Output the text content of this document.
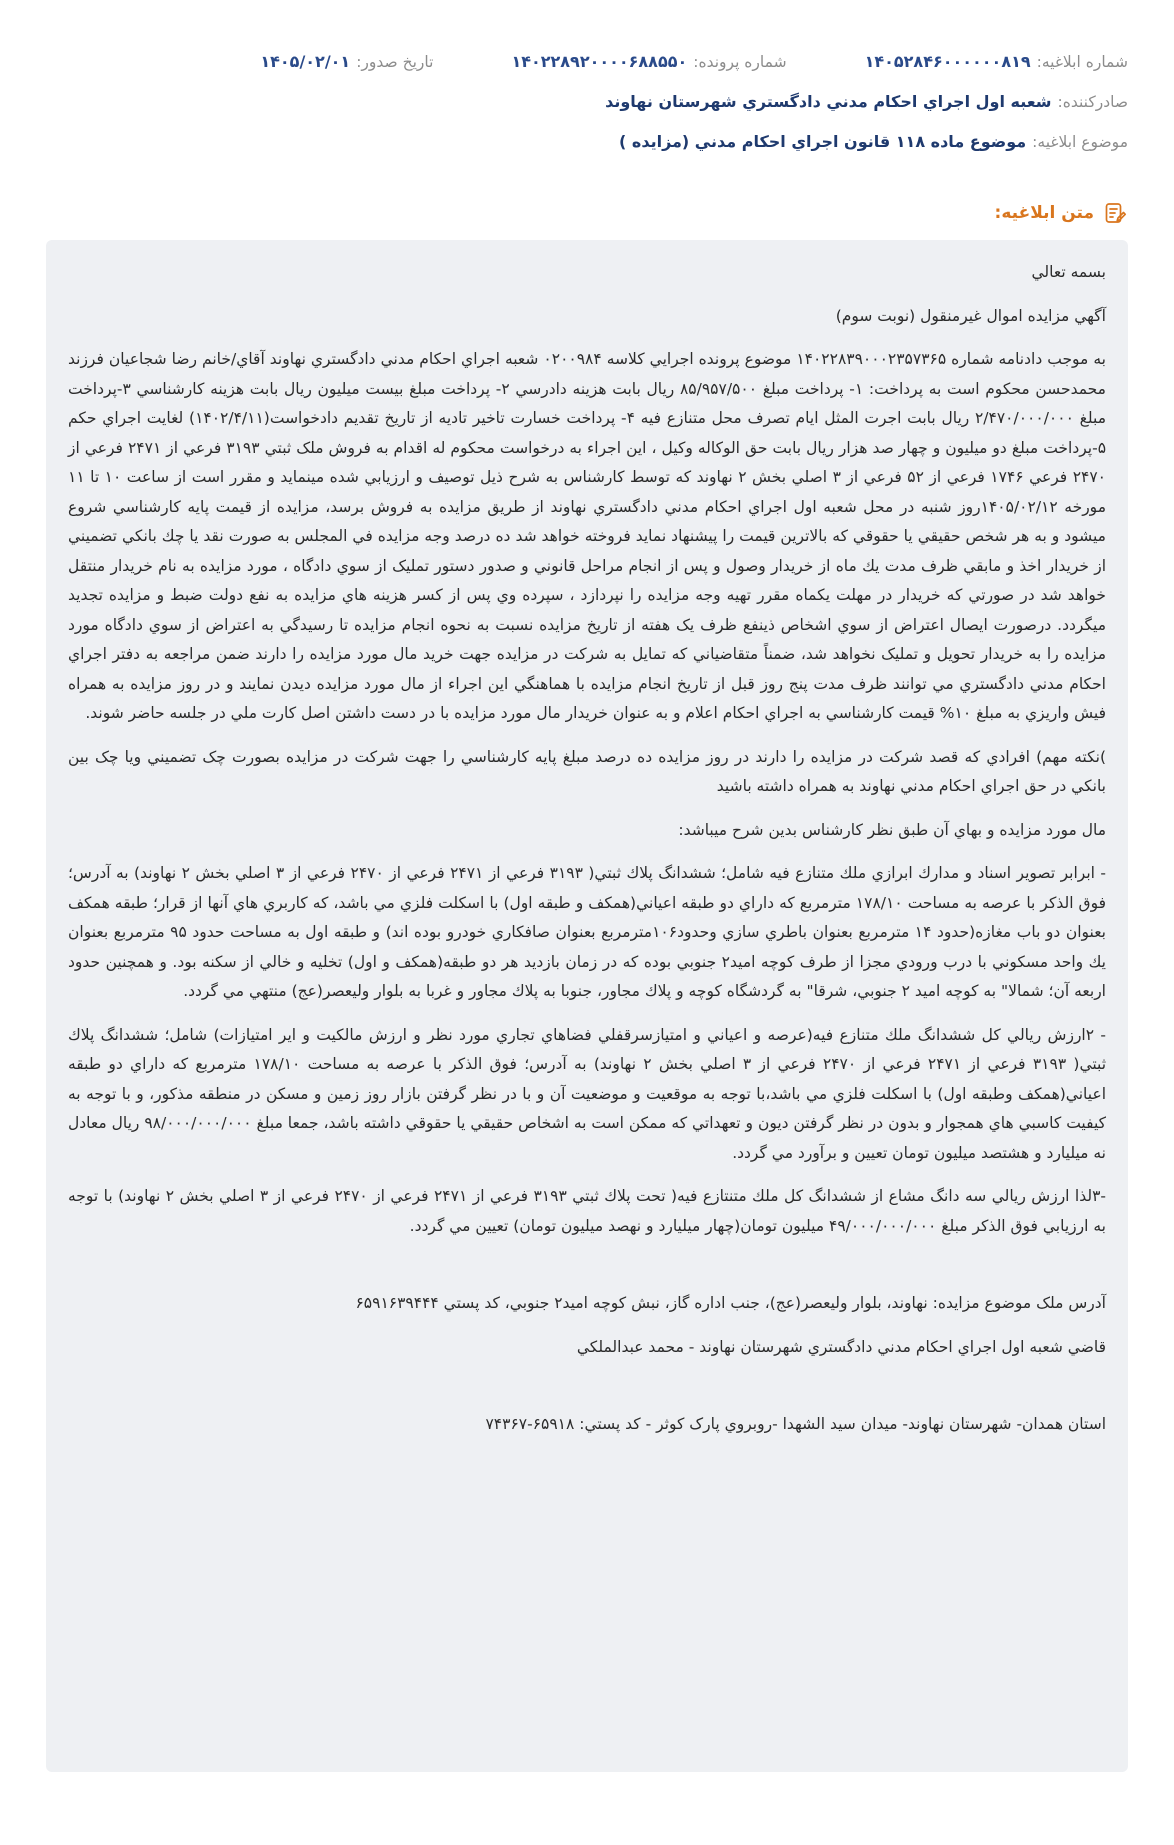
شماره ابلاغيه:
۱۴۰۵۲۸۴۶۰۰۰۰۰۰۸۱۹
شماره پرونده:
۱۴۰۲۲۸۹۲۰۰۰۰۶۸۸۵۵۰
تاريخ صدور:
۱۴۰۵/۰۲/۰۱
صادرکننده:
شعبه اول اجراي احکام مدني دادگستري شهرستان نهاوند
موضوع ابلاغيه:
موضوع ماده ۱۱۸ قانون اجراي احکام مدني (مزايده )
متن ابلاغيه:

بسمه تعالي

آگهي مزايده اموال غيرمنقول (نوبت سوم)

به موجب دادنامه شماره ۱۴۰۲۲۸۳۹۰۰۰۲۳۵۷۳۶۵ موضوع پرونده اجرايي کلاسه ۰۲۰۰۹۸۴ شعبه اجراي احکام مدني دادگستري نهاوند آقاي/خانم رضا شجاعيان فرزند محمدحسن محکوم است به پرداخت: ۱- پرداخت مبلغ ۸۵/۹۵۷/۵۰۰ ريال بابت هزينه دادرسي ۲- پرداخت مبلغ بيست ميليون ريال بابت هزينه کارشناسي ۳-پرداخت مبلغ ۲/۴۷۰/۰۰۰/۰۰۰ ريال بابت اجرت المثل ايام تصرف محل متنازع فيه ۴- پرداخت خسارت تاخير تاديه از تاريخ تقديم دادخواست(۱۴۰۲/۴/۱۱) لغايت اجراي حکم ۵-پرداخت مبلغ دو ميليون و چهار صد هزار ريال بابت حق الوکاله وکيل ، اين اجراء به درخواست محکوم له اقدام به فروش ملک ثبتي ۳۱۹۳ فرعي از ۲۴۷۱ فرعي از ۲۴۷۰ فرعي ۱۷۴۶ فرعي از ۵۲ فرعي از ۳ اصلي بخش ۲ نهاوند که توسط کارشناس به شرح ذيل توصيف و ارزيابي شده مينمايد و مقرر است از ساعت ۱۰ تا ۱۱ مورخه ۱۴۰۵/۰۲/۱۲روز شنبه در محل شعبه اول اجراي احکام مدني دادگستري نهاوند از طريق مزايده به فروش برسد، مزايده از قيمت پايه کارشناسي شروع ميشود و به هر شخص حقيقي يا حقوقي که بالاترين قيمت را پيشنهاد نمايد فروخته خواهد شد ده درصد وجه مزايده في المجلس به صورت نقد يا چك بانكي تضميني از خريدار اخذ و مابقي ظرف مدت يك ماه از خريدار وصول و پس از انجام مراحل قانوني و صدور دستور تمليک از سوي دادگاه ، مورد مزايده به نام خريدار منتقل خواهد شد در صورتي که خريدار در مهلت يکماه مقرر تهيه وجه مزايده را نپردازد ، سپرده وي پس از کسر هزينه هاي مزايده به نفع دولت ضبط و مزايده تجديد ميگردد. درصورت ايصال اعتراض از سوي اشخاص ذينفع ظرف يک هفته از تاريخ مزايده نسبت به نحوه انجام مزايده تا رسيدگي به اعتراض از سوي دادگاه مورد مزايده را به خريدار تحويل و تمليک نخواهد شد، ضمناً متقاضياني که تمايل به شرکت در مزايده جهت خريد مال مورد مزايده را دارند ضمن مراجعه به دفتر اجراي احکام مدني دادگستري مي توانند ظرف مدت پنج روز قبل از تاريخ انجام مزايده با هماهنگي اين اجراء از مال مورد مزايده ديدن نمايند و در روز مزايده به همراه فيش واريزي به مبلغ ۱۰% قيمت کارشناسي به اجراي احکام اعلام و به عنوان خريدار مال مورد مزايده با در دست داشتن اصل کارت ملي در جلسه حاضر شوند.

)نکته مهم) افرادي که قصد شرکت در مزايده را دارند در روز مزايده ده درصد مبلغ پايه کارشناسي را جهت شرکت در مزايده بصورت چک تضميني ويا چک بين بانکي در حق اجراي احکام مدني نهاوند به همراه داشته باشيد

مال مورد مزايده و بهاي آن طبق نظر کارشناس بدين شرح ميباشد:

- ابرابر تصوير اسناد و مدارك ابرازي ملك متنازع فيه شامل؛ ششدانگ پلاك ثبتي( ۳۱۹۳ فرعي از ۲۴۷۱ فرعي از ۲۴۷۰ فرعي از ۳ اصلي بخش ۲ نهاوند) به آدرس؛ فوق الذكر با عرصه به مساحت ۱۷۸/۱۰ مترمربع كه داراي دو طبقه اعياني(همكف و طبقه اول) با اسكلت فلزي مي باشد، كه كاربري هاي آنها از قرار؛ طبقه همكف بعنوان دو باب مغازه(حدود ۱۴ مترمربع بعنوان باطري سازي وحدود۱۰۶مترمربع بعنوان صافكاري خودرو بوده اند) و طبقه اول به مساحت حدود ۹۵ مترمربع بعنوان يك واحد مسكوني با درب ورودي مجزا از طرف كوچه اميد۲ جنوبي بوده كه در زمان بازديد هر دو طبقه(همكف و اول) تخليه و خالي از سكنه بود. و همچنين حدود اربعه آن؛ شمالا" به كوچه اميد ۲ جنوبي، شرقا" به گردشگاه كوچه و پلاك مجاور، جنوبا به پلاك مجاور و غربا به بلوار وليعصر(عج) منتهي مي گردد.

- ۲ارزش ريالي كل ششدانگ ملك متنازع فيه(عرصه و اعياني و امتيازسرقفلي فضاهاي تجاري مورد نظر و ارزش مالكيت و اير امتيازات) شامل؛ ششدانگ پلاك ثبتي( ۳۱۹۳ فرعي از ۲۴۷۱ فرعي از ۲۴۷۰ فرعي از ۳ اصلي بخش ۲ نهاوند) به آدرس؛ فوق الذكر با عرصه به مساحت ۱۷۸/۱۰ مترمربع كه داراي دو طبقه اعياني(همكف وطبقه اول) با اسكلت فلزي مي باشد،با توجه به موقعيت و موضعيت آن و با در نظر گرفتن بازار روز زمين و مسكن در منطقه مذكور، و با توجه به كيفيت كاسبي هاي همجوار و بدون در نظر گرفتن ديون و تعهداتي كه ممكن است به اشخاص حقيقي يا حقوقي داشته باشد، جمعا مبلغ ۹۸/۰۰۰/۰۰۰/۰۰۰ ريال معادل نه ميليارد و هشتصد ميليون تومان تعيين و برآورد مي گردد.

-۳لذا ارزش ريالي سه دانگ مشاع از ششدانگ كل ملك متنتازع فيه( تحت پلاك ثبتي ۳۱۹۳ فرعي از ۲۴۷۱ فرعي از ۲۴۷۰ فرعي از ۳ اصلي بخش ۲ نهاوند) با توجه به ارزيابي فوق الذكر مبلغ ۴۹/۰۰۰/۰۰۰/۰۰۰ ميليون تومان(چهار ميليارد و نهصد ميليون تومان) تعيين مي گردد.

آدرس ملک موضوع مزايده: نهاوند، بلوار وليعصر(عج)، جنب اداره گاز، نبش کوچه اميد۲ جنوبي، کد پستي ۶۵۹۱۶۳۹۴۴۴

قاضي شعبه اول اجراي احکام مدني دادگستري شهرستان نهاوند - محمد عبدالملکي

استان همدان- شهرستان نهاوند- ميدان سيد الشهدا -روبروي پارک کوثر - کد پستي: ۶۵۹۱۸-۷۴۳۶۷
